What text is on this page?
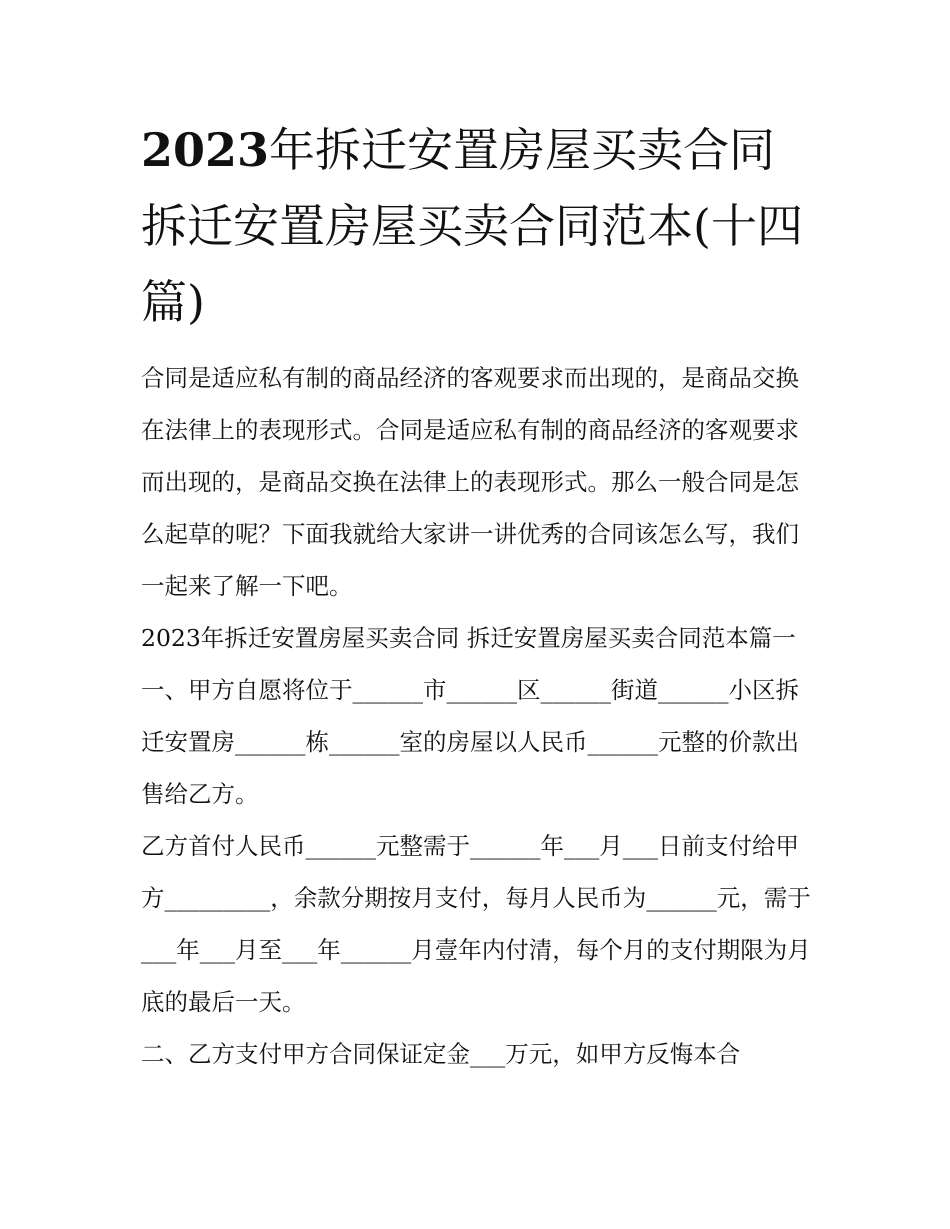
2023年拆迁安置房屋买卖合同 拆迁安置房屋买卖合同范本(十四篇)

合同是适应私有制的商品经济的客观要求而出现的，是商品交换在法律上的表现形式。合同是适应私有制的商品经济的客观要求而出现的，是商品交换在法律上的表现形式。那么一般合同是怎么起草的呢？下面我就给大家讲一讲优秀的合同该怎么写，我们一起来了解一下吧。

2023年拆迁安置房屋买卖合同 拆迁安置房屋买卖合同范本篇一

一、甲方自愿将位于______市______区______街道______小区拆迁安置房______栋______室的房屋以人民币______元整的价款出售给乙方。

乙方首付人民币______元整需于______年___月___日前支付给甲方_________，余款分期按月支付，每月人民币为______元，需于___年___月至___年______月壹年内付清，每个月的支付期限为月底的最后一天。

二、乙方支付甲方合同保证定金___万元，如甲方反悔本合
